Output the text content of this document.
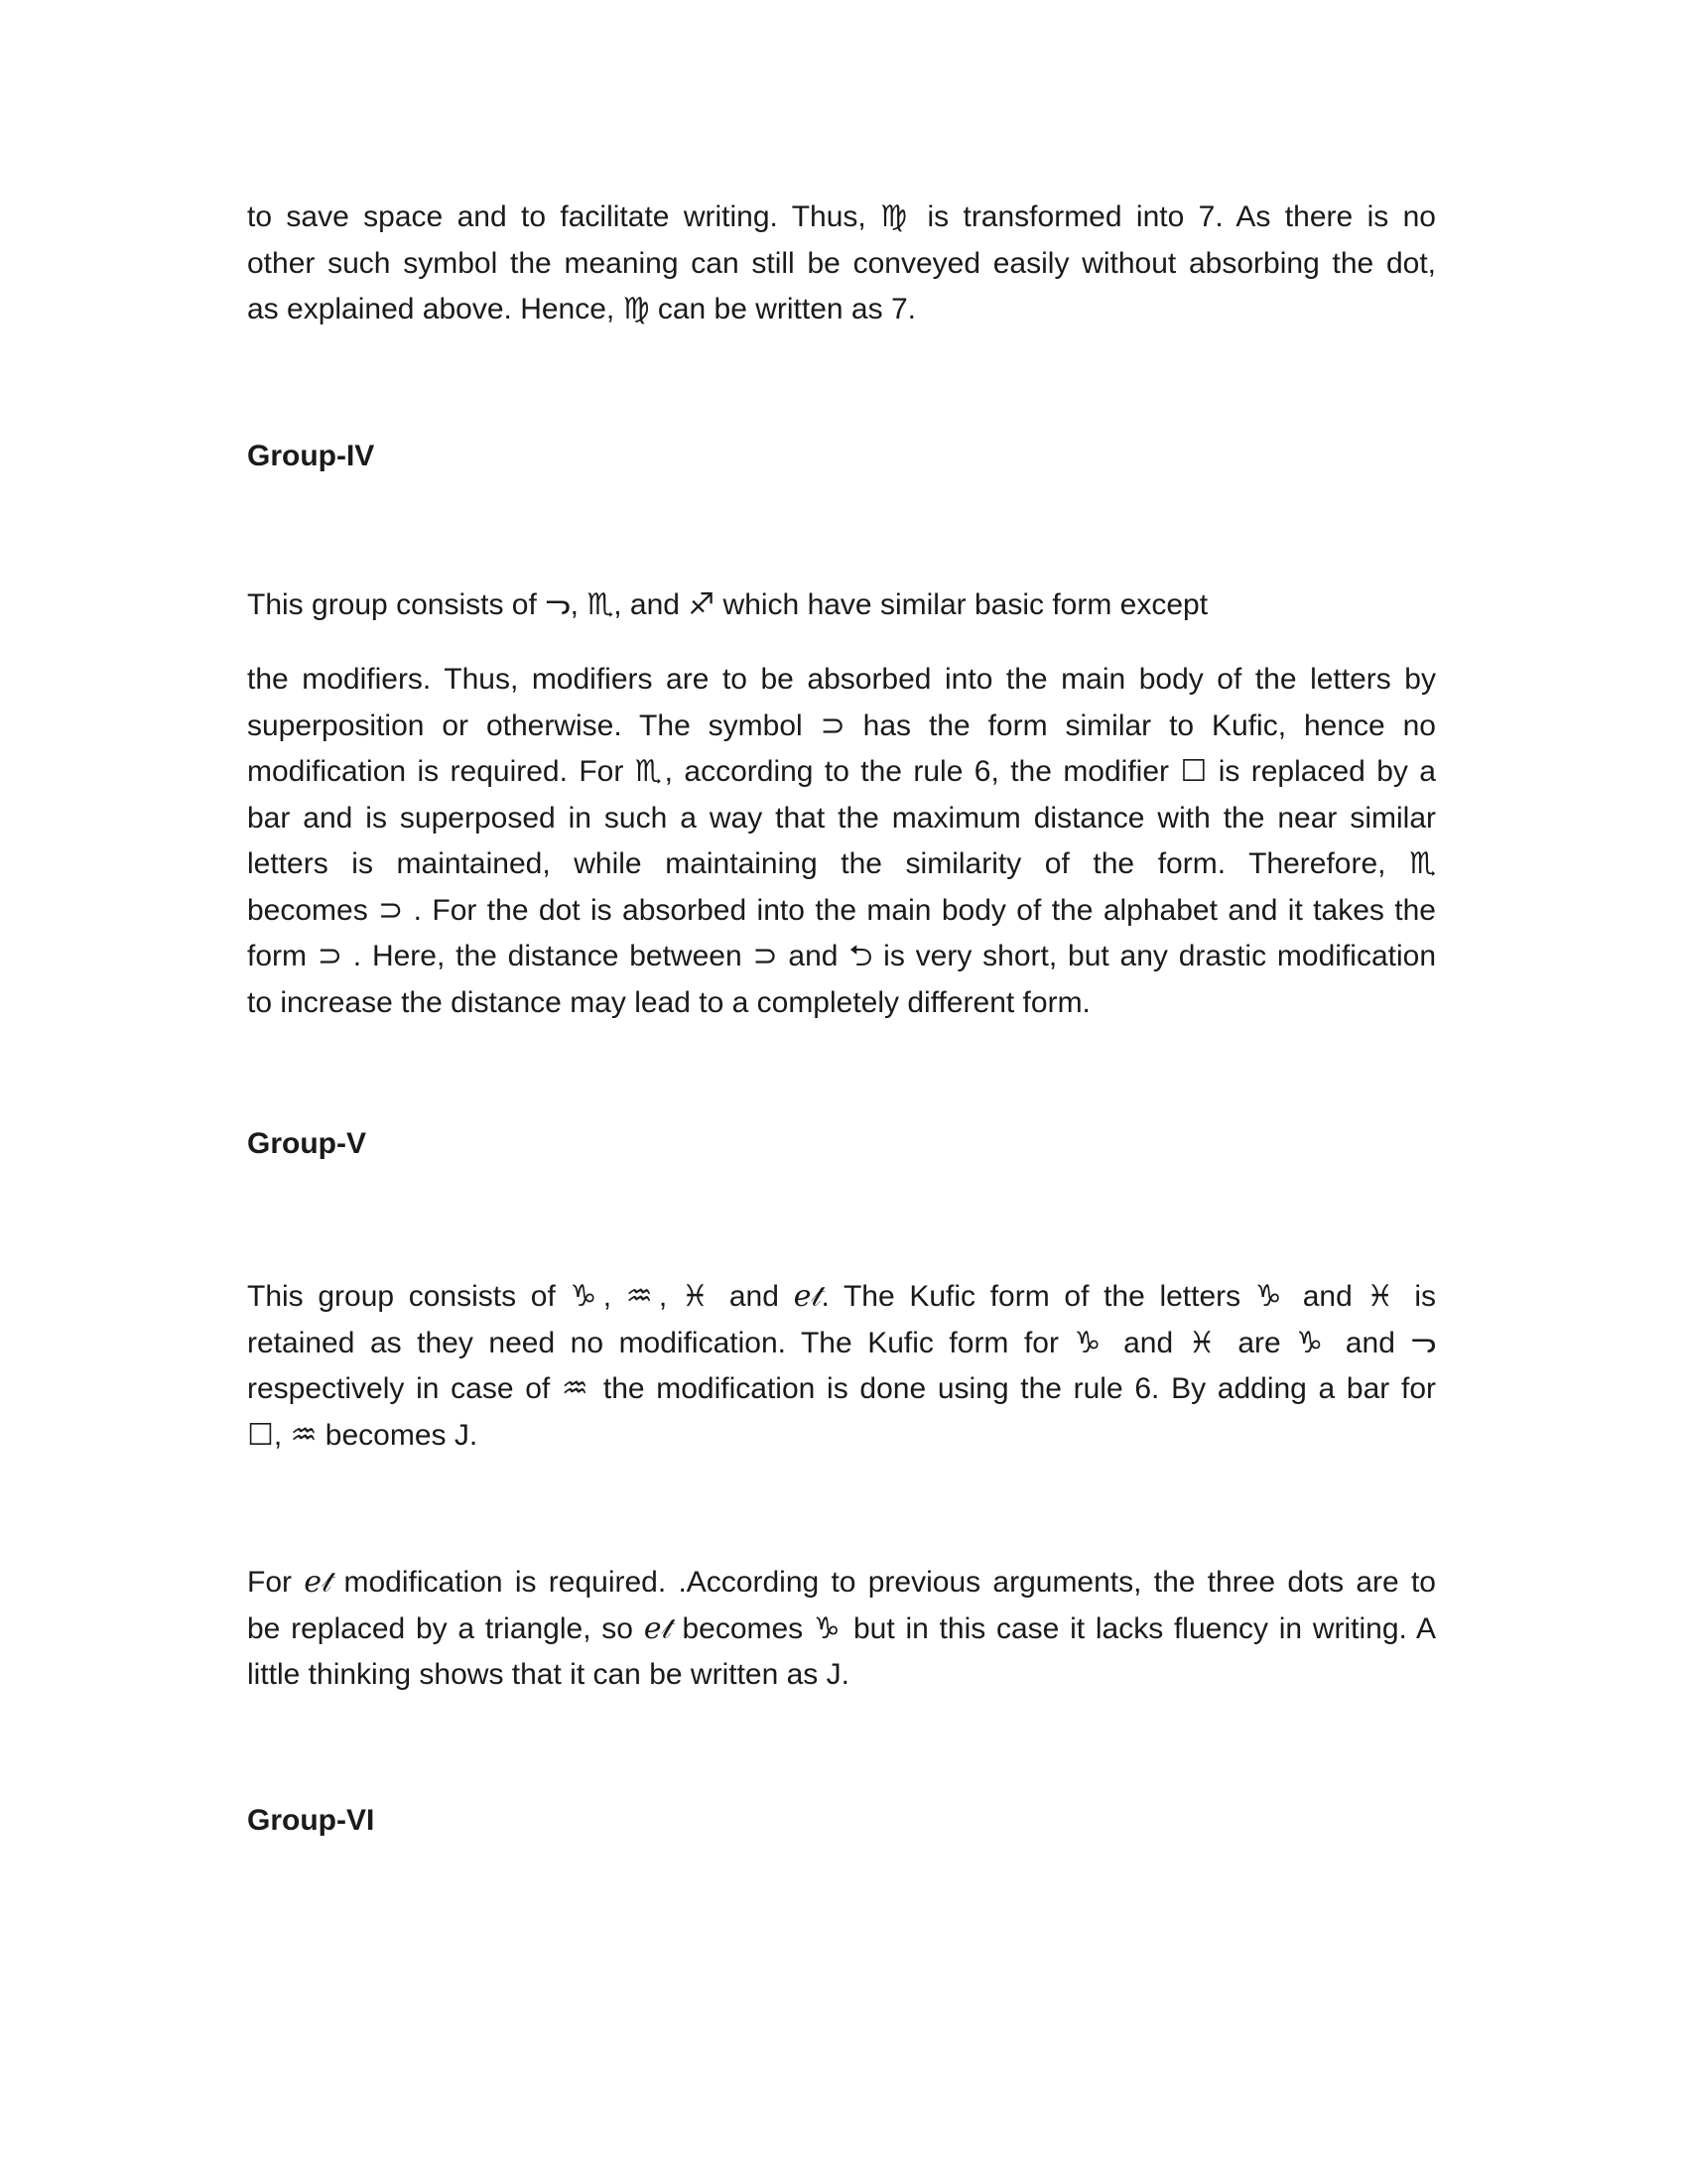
to save space and to facilitate writing. Thus, ♍ is transformed into 7. As there is no
other such symbol the meaning can still be conveyed easily without absorbing the dot,
as explained above. Hence, ♍ can be written as 7.
Group-IV
This group consists of ᓓ, ♏, and ♐ which have similar basic form except
the modifiers. Thus, modifiers are to be absorbed into the main body of the letters by
superposition or otherwise. The symbol ⊃ has the form similar to Kufic, hence no
modification is required. For ♏, according to the rule 6, the modifier ☐ is replaced by a
bar and is superposed in such a way that the maximum distance with the near similar
letters is maintained, while maintaining the similarity of the form. Therefore, ♏
becomes ⊃ . For the dot is absorbed into the main body of the alphabet and it takes the
form ⊃ . Here, the distance between ⊃ and ⮌ is very short, but any drastic modification
to increase the distance may lead to a completely different form.
Group-V
This group consists of ♑, ♒, ♓ and ℯ𝓉. The Kufic form of the letters ♑ and ♓ is
retained as they need no modification. The Kufic form for ♑ and ♓ are ♑ and ᓓ
respectively in case of ♒ the modification is done using the rule 6. By adding a bar for
☐, ♒ becomes J.
For ℯ𝓉 modification is required. .According to previous arguments, the three dots are to
be replaced by a triangle, so ℯ𝓉 becomes ♑ but in this case it lacks fluency in writing. A
little thinking shows that it can be written as J.
Group-VI
